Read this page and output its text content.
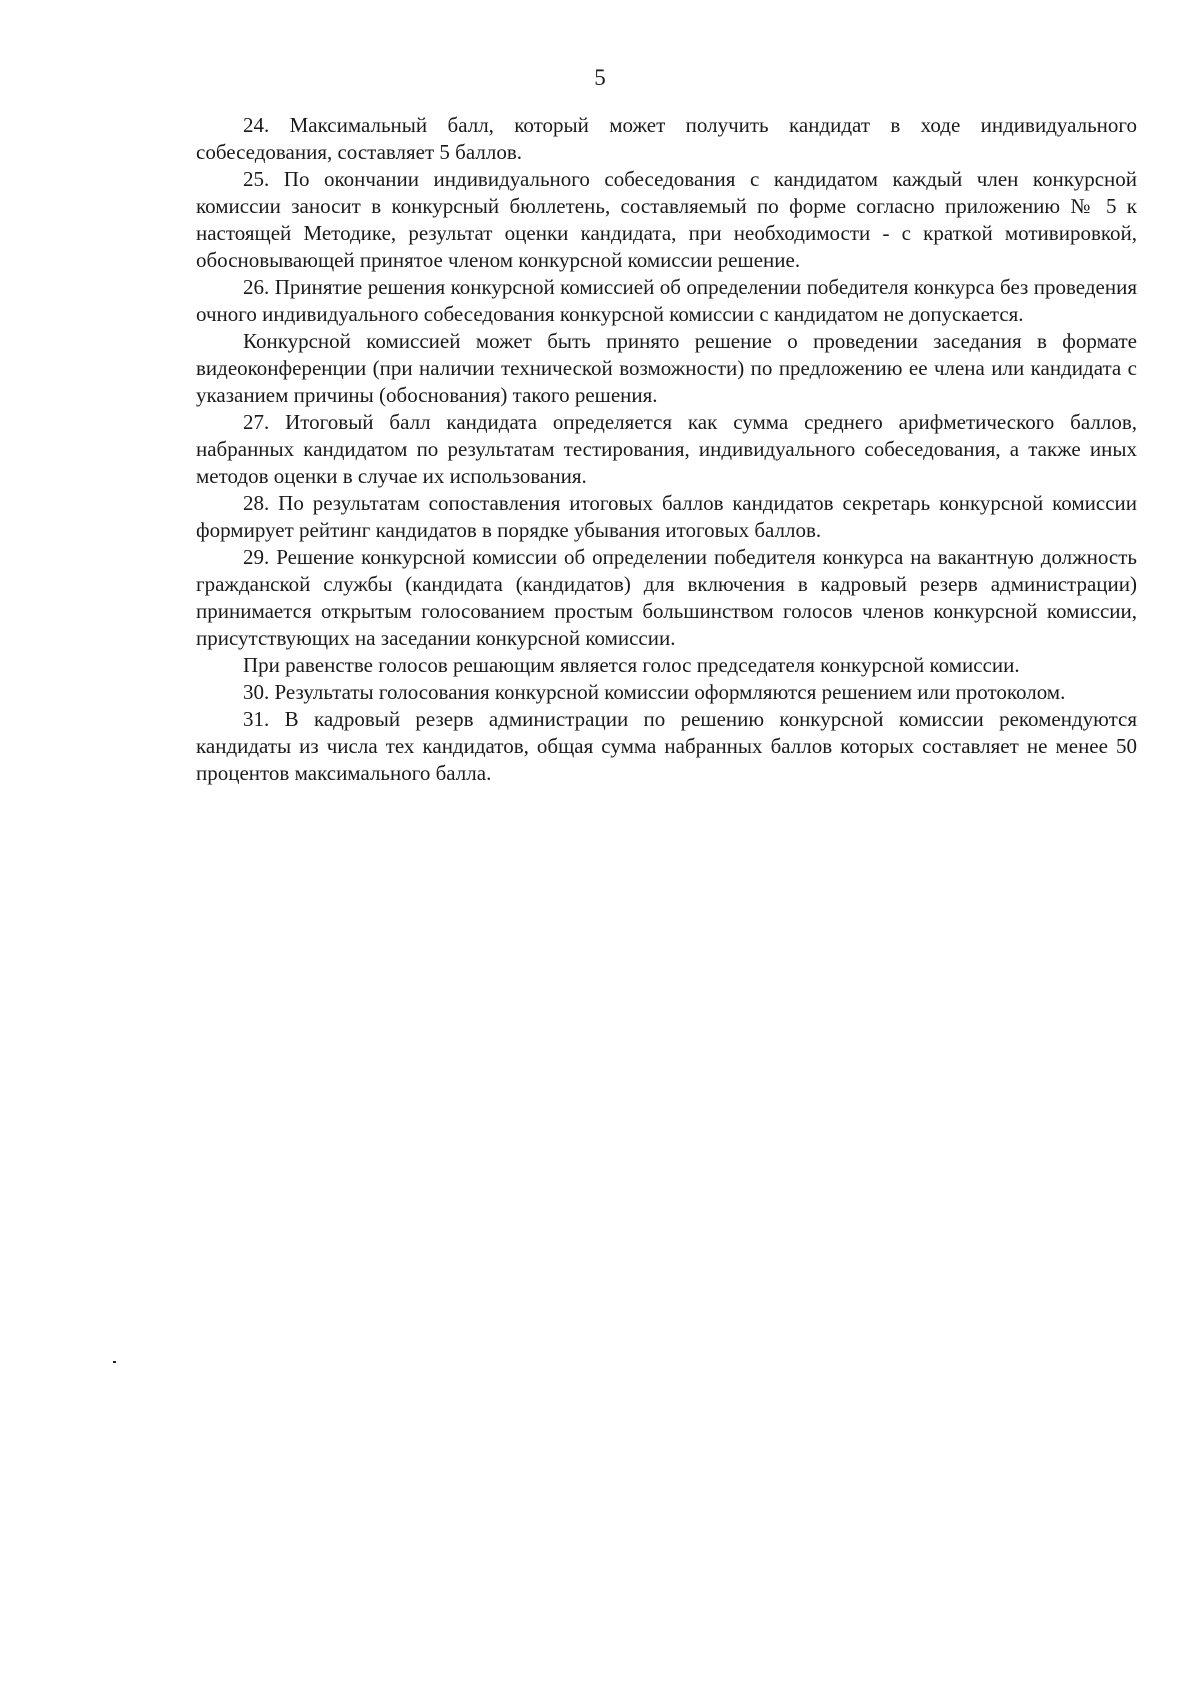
5

24. Максимальный балл, который может получить кандидат в ходе индивидуального собеседования, составляет 5 баллов.

25. По окончании индивидуального собеседования с кандидатом каждый член конкурсной комиссии заносит в конкурсный бюллетень, составляемый по форме согласно приложению № 5 к настоящей Методике, результат оценки кандидата, при необходимости - с краткой мотивировкой, обосновывающей принятое членом конкурсной комиссии решение.

26. Принятие решения конкурсной комиссией об определении победителя конкурса без проведения очного индивидуального собеседования конкурсной комиссии с кандидатом не допускается.

Конкурсной комиссией может быть принято решение о проведении заседания в формате видеоконференции (при наличии технической возможности) по предложению ее члена или кандидата с указанием причины (обоснования) такого решения.

27. Итоговый балл кандидата определяется как сумма среднего арифметического баллов, набранных кандидатом по результатам тестирования, индивидуального собеседования, а также иных методов оценки в случае их использования.

28. По результатам сопоставления итоговых баллов кандидатов секретарь конкурсной комиссии формирует рейтинг кандидатов в порядке убывания итоговых баллов.

29. Решение конкурсной комиссии об определении победителя конкурса на вакантную должность гражданской службы (кандидата (кандидатов) для включения в кадровый резерв администрации) принимается открытым голосованием простым большинством голосов членов конкурсной комиссии, присутствующих на заседании конкурсной комиссии.

При равенстве голосов решающим является голос председателя конкурсной комиссии.

30. Результаты голосования конкурсной комиссии оформляются решением или протоколом.

31. В кадровый резерв администрации по решению конкурсной комиссии рекомендуются кандидаты из числа тех кандидатов, общая сумма набранных баллов которых составляет не менее 50 процентов максимального балла.
